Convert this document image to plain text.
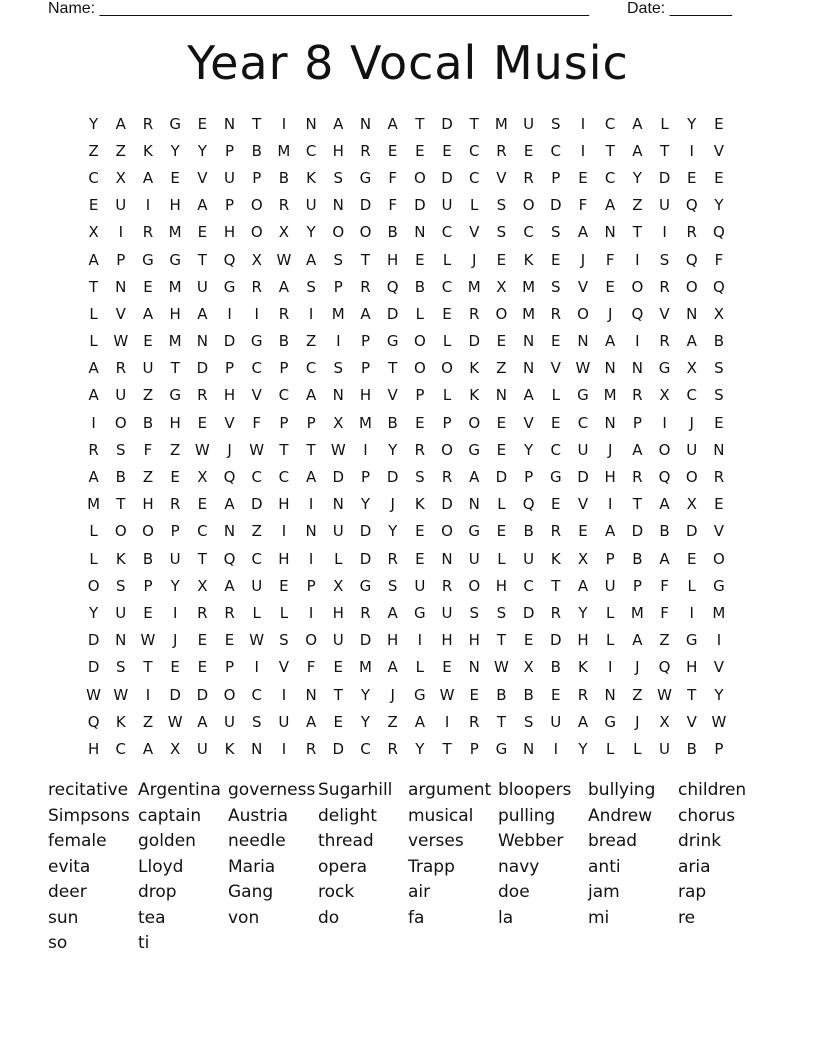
Name: _______________________________________________________ Date: _______
Year 8 Vocal Music
Y	A	R	G	E	N	T	I	N	A	N	A	T	D	T	M	U	S	I	C	A	L	Y	E
Z	Z	K	Y	Y	P	B	M	C	H	R	E	E	E	C	R	E	C	I	T	A	T	I	V
C	X	A	E	V	U	P	B	K	S	G	F	O	D	C	V	R	P	E	C	Y	D	E	E
E	U	I	H	A	P	O	R	U	N	D	F	D	U	L	S	O	D	F	A	Z	U	Q	Y
X	I	R	M	E	H	O	X	Y	O	O	B	N	C	V	S	C	S	A	N	T	I	R	Q
A	P	G	G	T	Q	X W A	S	T	H	E	L	J	E	K	E	J	F	I	S	Q	F
T	N	E	M	U	G	R	A	S	P	R	Q	B	C	M	X	M	S	V	E	O	R	O	Q
L	V	A	H	A	I	I	R	I	M	A	D	L	E	R	O M	R	O	J	Q	V	N	X
L	W	E	M	N	D	G	B	Z	I	P	G	O	L	D	E	N	E	N	A	I	R	A	B
A	R	U	T	D	P	C	P	C	S	P	T	O	O	K	Z	N	V W N	N	G	X	S
A	U	Z	G	R	H	V	C	A	N	H	V	P	L	K	N	A	L	G M	R	X	C	S
I	O	B	H	E	V	F	P	P	X	M	B	E	P	O	E	V	E	C	N	P	I	J	E
R	S	F	Z W	J	W	T	T	W	I	Y	R	O	G	E	Y	C	U	J	A	O	U	N
A	B	Z	E	X	Q	C	C	A	D	P	D	S	R	A	D	P	G	D	H	R	Q	O	R
M	T	H	R	E	A	D	H	I	N	Y	J	K	D	N	L	Q	E	V	I	T	A	X	E
L	O	O	P	C	N	Z	I	N	U	D	Y	E	O	G	E	B	R	E	A	D	B	D	V
L	K	B	U	T	Q	C	H	I	L	D	R	E	N	U	L	U	K	X	P	B	A	E	O
O	S	P	Y	X	A	U	E	P	X	G	S	U	R	O	H	C	T	A	U	P	F	L	G
Y	U	E	I	R	R	L	L	I	H	R	A	G	U	S	S	D	R	Y	L	M	F	I	M
D	N W	J	E	E	W	S	O	U	D	H	I	H	H	T	E	D	H	L	A	Z	G	I
D	S	T	E	E	P	I	V	F	E	M	A	L	E	N W X	B	K	I	J	Q	H	V
W W	I	D	D	O	C	I	N	T	Y	J	G W	E	B	B	E	R	N	Z W	T	Y
Q	K	Z W A	U	S	U	A	E	Y	Z	A	I	R	T	S	U	A	G	J	X	V W
H	C	A	X	U	K	N	I	R	D	C	R	Y	T	P	G	N	I	Y	L	L	U	B	P
recitative Argentina governess Sugarhill argument bloopers bullying	children
Simpsons captain	Austria	delight	musical	pulling	Andrew	chorus
female	golden	needle	thread	verses	Webber	bread	drink
evita	Lloyd	Maria	opera	Trapp	navy	anti	aria
deer	drop	Gang	rock	air	doe	jam	rap
sun	tea	von	do	fa	la	mi	re
so	ti
